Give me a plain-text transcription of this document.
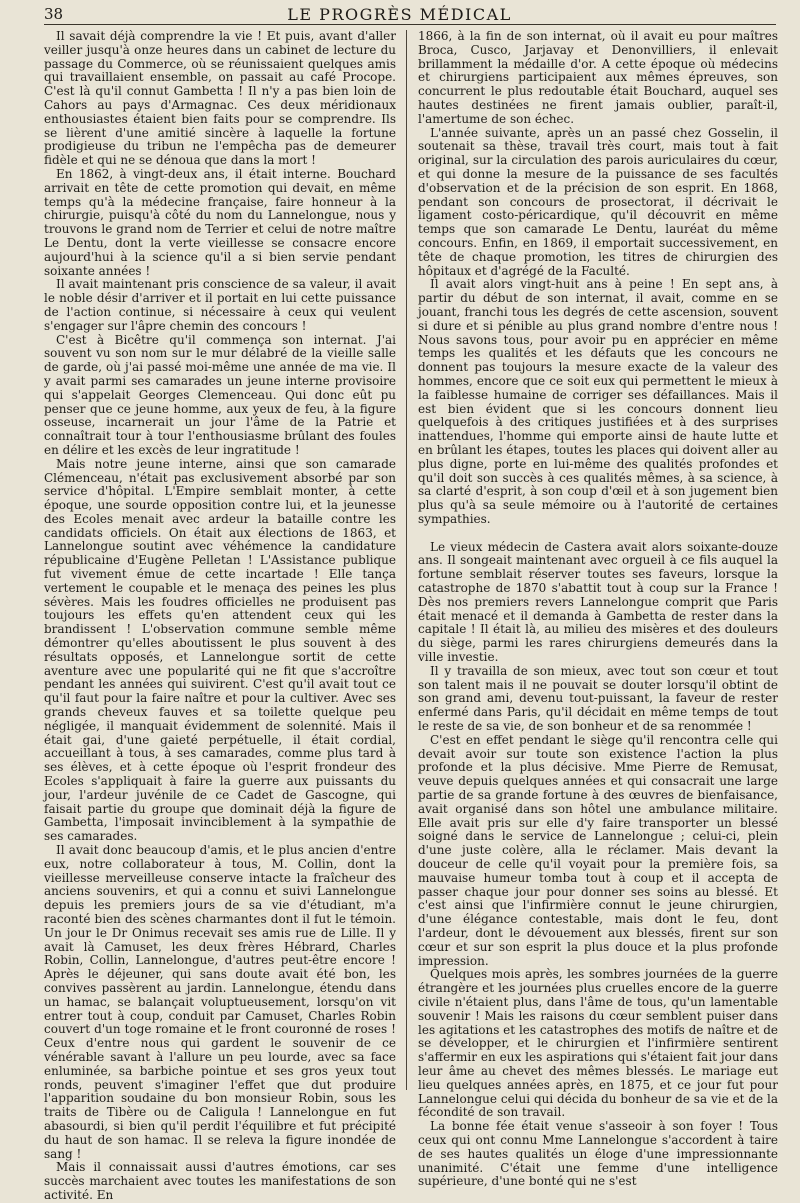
38	LE PROGRÈS MÉDICAL

Il savait déjà comprendre la vie ! Et puis, avant d'aller veiller jusqu'à onze heures dans un cabinet de lecture du passage du Commerce, où se réunissaient quelques amis qui travaillaient ensemble, on passait au café Procope. C'est là qu'il connut Gambetta ! Il n'y a pas bien loin de Cahors au pays d'Armagnac. Ces deux méridionaux enthousiastes étaient bien faits pour se comprendre. Ils se lièrent d'une amitié sincère à laquelle la fortune prodigieuse du tribun ne l'empêcha pas de demeurer fidèle et qui ne se dénoua que dans la mort !

En 1862, à vingt-deux ans, il était interne. Bouchard arrivait en tête de cette promotion qui devait, en même temps qu'à la médecine française, faire honneur à la chirurgie, puisqu'à côté du nom du Lannelongue, nous y trouvons le grand nom de Terrier et celui de notre maître Le Dentu, dont la verte vieillesse se consacre encore aujourd'hui à la science qu'il a si bien servie pendant soixante années !

Il avait maintenant pris conscience de sa valeur, il avait le noble désir d'arriver et il portait en lui cette puissance de l'action continue, si nécessaire à ceux qui veulent s'engager sur l'âpre chemin des concours !

C'est à Bicêtre qu'il commença son internat. J'ai souvent vu son nom sur le mur délabré de la vieille salle de garde, où j'ai passé moi-même une année de ma vie. Il y avait parmi ses camarades un jeune interne provisoire qui s'appelait Georges Clemenceau. Qui donc eût pu penser que ce jeune homme, aux yeux de feu, à la figure osseuse, incarnerait un jour l'âme de la Patrie et connaîtrait tour à tour l'enthousiasme brûlant des foules en délire et les excès de leur ingratitude !

Mais notre jeune interne, ainsi que son camarade Clémenceau, n'était pas exclusivement absorbé par son service d'hôpital. L'Empire semblait monter, à cette époque, une sourde opposition contre lui, et la jeunesse des Ecoles menait avec ardeur la bataille contre les candidats officiels. On était aux élections de 1863, et Lannelongue soutint avec véhémence la candidature républicaine d'Eugène Pelletan ! L'Assistance publique fut vivement émue de cette incartade ! Elle tança vertement le coupable et le menaça des peines les plus sévères. Mais les foudres officielles ne produisent pas toujours les effets qu'en attendent ceux qui les brandissent ! L'observation commune semble même démontrer qu'elles aboutissent le plus souvent à des résultats opposés, et Lannelongue sortit de cette aventure avec une popularité qui ne fit que s'accroître pendant les années qui suivirent. C'est qu'il avait tout ce qu'il faut pour la faire naître et pour la cultiver. Avec ses grands cheveux fauves et sa toilette quelque peu négligée, il manquait évidemment de solennité. Mais il était gai, d'une gaieté perpétuelle, il était cordial, accueillant à tous, à ses camarades, comme plus tard à ses élèves, et à cette époque où l'esprit frondeur des Ecoles s'appliquait à faire la guerre aux puissants du jour, l'ardeur juvénile de ce Cadet de Gascogne, qui faisait partie du groupe que dominait déjà la figure de Gambetta, l'imposait invinciblement à la sympathie de ses camarades.

Il avait donc beaucoup d'amis, et le plus ancien d'entre eux, notre collaborateur à tous, M. Collin, dont la vieillesse merveilleuse conserve intacte la fraîcheur des anciens souvenirs, et qui a connu et suivi Lannelongue depuis les premiers jours de sa vie d'étudiant, m'a raconté bien des scènes charmantes dont il fut le témoin. Un jour le Dr Onimus recevait ses amis rue de Lille. Il y avait là Camuset, les deux frères Hébrard, Charles Robin, Collin, Lannelongue, d'autres peut-être encore ! Après le déjeuner, qui sans doute avait été bon, les convives passèrent au jardin. Lannelongue, étendu dans un hamac, se balançait voluptueusement, lorsqu'on vit entrer tout à coup, conduit par Camuset, Charles Robin couvert d'un toge romaine et le front couronné de roses ! Ceux d'entre nous qui gardent le souvenir de ce vénérable savant à l'allure un peu lourde, avec sa face enluminée, sa barbiche pointue et ses gros yeux tout ronds, peuvent s'imaginer l'effet que dut produire l'apparition soudaine du bon monsieur Robin, sous les traits de Tibère ou de Caligula ! Lannelongue en fut abasourdi, si bien qu'il perdit l'équilibre et fut précipité du haut de son hamac. Il se releva la figure inondée de sang !

Mais il connaissait aussi d'autres émotions, car ses succès marchaient avec toutes les manifestations de son activité. En

1866, à la fin de son internat, où il avait eu pour maîtres Broca, Cusco, Jarjavay et Denonvilliers, il enlevait brillamment la médaille d'or. A cette époque où médecins et chirurgiens participaient aux mêmes épreuves, son concurrent le plus redoutable était Bouchard, auquel ses hautes destinées ne firent jamais oublier, paraît-il, l'amertume de son échec.

L'année suivante, après un an passé chez Gosselin, il soutenait sa thèse, travail très court, mais tout à fait original, sur la circulation des parois auriculaires du cœur, et qui donne la mesure de la puissance de ses facultés d'observation et de la précision de son esprit. En 1868, pendant son concours de prosectorat, il décrivait le ligament costo-péricardique, qu'il découvrit en même temps que son camarade Le Dentu, lauréat du même concours. Enfin, en 1869, il emportait successivement, en tête de chaque promotion, les titres de chirurgien des hôpitaux et d'agrégé de la Faculté.

Il avait alors vingt-huit ans à peine ! En sept ans, à partir du début de son internat, il avait, comme en se jouant, franchi tous les degrés de cette ascension, souvent si dure et si pénible au plus grand nombre d'entre nous ! Nous savons tous, pour avoir pu en apprécier en même temps les qualités et les défauts que les concours ne donnent pas toujours la mesure exacte de la valeur des hommes, encore que ce soit eux qui permettent le mieux à la faiblesse humaine de corriger ses défaillances. Mais il est bien évident que si les concours donnent lieu quelquefois à des critiques justifiées et à des surprises inattendues, l'homme qui emporte ainsi de haute lutte et en brûlant les étapes, toutes les places qui doivent aller au plus digne, porte en lui-même des qualités profondes et qu'il doit son succès à ces qualités mêmes, à sa science, à sa clarté d'esprit, à son coup d'œil et à son jugement bien plus qu'à sa seule mémoire ou à l'autorité de certaines sympathies.

Le vieux médecin de Castera avait alors soixante-douze ans. Il songeait maintenant avec orgueil à ce fils auquel la fortune semblait réserver toutes ses faveurs, lorsque la catastrophe de 1870 s'abattit tout à coup sur la France ! Dès nos premiers revers Lannelongue comprit que Paris était menacé et il demanda à Gambetta de rester dans la capitale ! Il était là, au milieu des misères et des douleurs du siège, parmi les rares chirurgiens demeurés dans la ville investie.

Il y travailla de son mieux, avec tout son cœur et tout son talent mais il ne pouvait se douter lorsqu'il obtint de son grand ami, devenu tout-puissant, la faveur de rester enfermé dans Paris, qu'il décidait en même temps de tout le reste de sa vie, de son bonheur et de sa renommée !

C'est en effet pendant le siège qu'il rencontra celle qui devait avoir sur toute son existence l'action la plus profonde et la plus décisive. Mme Pierre de Remusat, veuve depuis quelques années et qui consacrait une large partie de sa grande fortune à des œuvres de bienfaisance, avait organisé dans son hôtel une ambulance militaire. Elle avait pris sur elle d'y faire transporter un blessé soigné dans le service de Lannelongue ; celui-ci, plein d'une juste colère, alla le réclamer. Mais devant la douceur de celle qu'il voyait pour la première fois, sa mauvaise humeur tomba tout à coup et il accepta de passer chaque jour pour donner ses soins au blessé. Et c'est ainsi que l'infirmière connut le jeune chirurgien, d'une élégance contestable, mais dont le feu, dont l'ardeur, dont le dévouement aux blessés, firent sur son cœur et sur son esprit la plus douce et la plus profonde impression.

Quelques mois après, les sombres journées de la guerre étrangère et les journées plus cruelles encore de la guerre civile n'étaient plus, dans l'âme de tous, qu'un lamentable souvenir ! Mais les raisons du cœur semblent puiser dans les agitations et les catastrophes des motifs de naître et de se développer, et le chirurgien et l'infirmière sentirent s'affermir en eux les aspirations qui s'étaient fait jour dans leur âme au chevet des mêmes blessés. Le mariage eut lieu quelques années après, en 1875, et ce jour fut pour Lannelongue celui qui décida du bonheur de sa vie et de la fécondité de son travail.

La bonne fée était venue s'asseoir à son foyer ! Tous ceux qui ont connu Mme Lannelongue s'accordent à taire de ses hautes qualités un éloge d'une impressionnante unanimité. C'était une femme d'une intelligence supérieure, d'une bonté qui ne s'est
